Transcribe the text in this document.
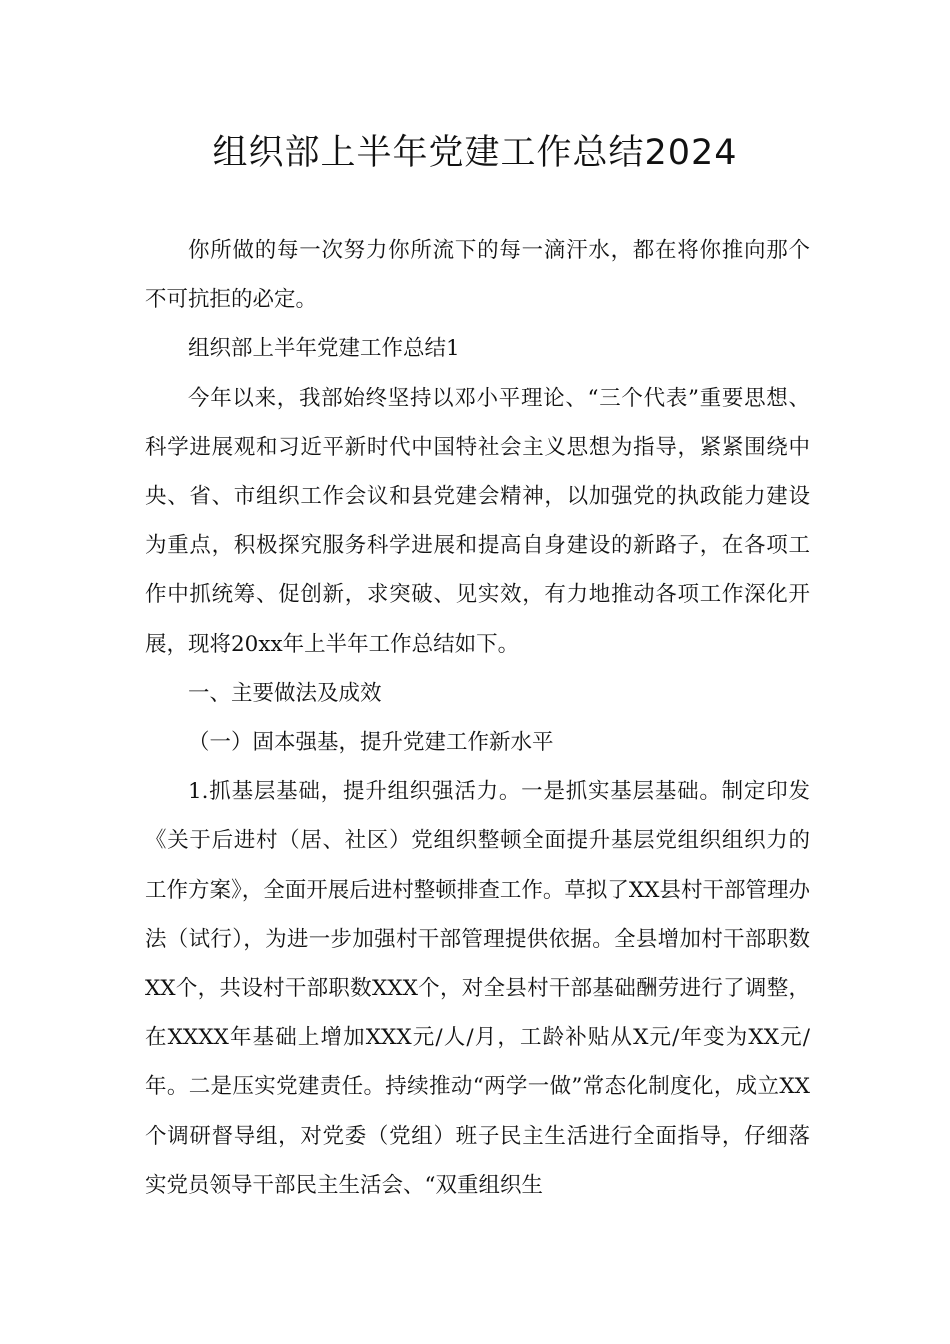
组织部上半年党建工作总结2024

你所做的每一次努力你所流下的每一滴汗水，都在将你推向那个不可抗拒的必定。

组织部上半年党建工作总结1

今年以来，我部始终坚持以邓小平理论、“三个代表”重要思想、科学进展观和习近平新时代中国特社会主义思想为指导，紧紧围绕中央、省、市组织工作会议和县党建会精神，以加强党的执政能力建设为重点，积极探究服务科学进展和提高自身建设的新路子，在各项工作中抓统筹、促创新，求突破、见实效，有力地推动各项工作深化开展，现将20xx年上半年工作总结如下。

一、主要做法及成效

（一）固本强基，提升党建工作新水平

1.抓基层基础，提升组织强活力。一是抓实基层基础。制定印发《关于后进村（居、社区）党组织整顿全面提升基层党组织组织力的工作方案》，全面开展后进村整顿排查工作。草拟了XX县村干部管理办法（试行），为进一步加强村干部管理提供依据。全县增加村干部职数XX个，共设村干部职数XXX个，对全县村干部基础酬劳进行了调整，在XXXX年基础上增加XXX元/人/月，工龄补贴从X元/年变为XX元/年。二是压实党建责任。持续推动“两学一做”常态化制度化，成立XX个调研督导组，对党委（党组）班子民主生活进行全面指导，仔细落实党员领导干部民主生活会、“双重组织生
